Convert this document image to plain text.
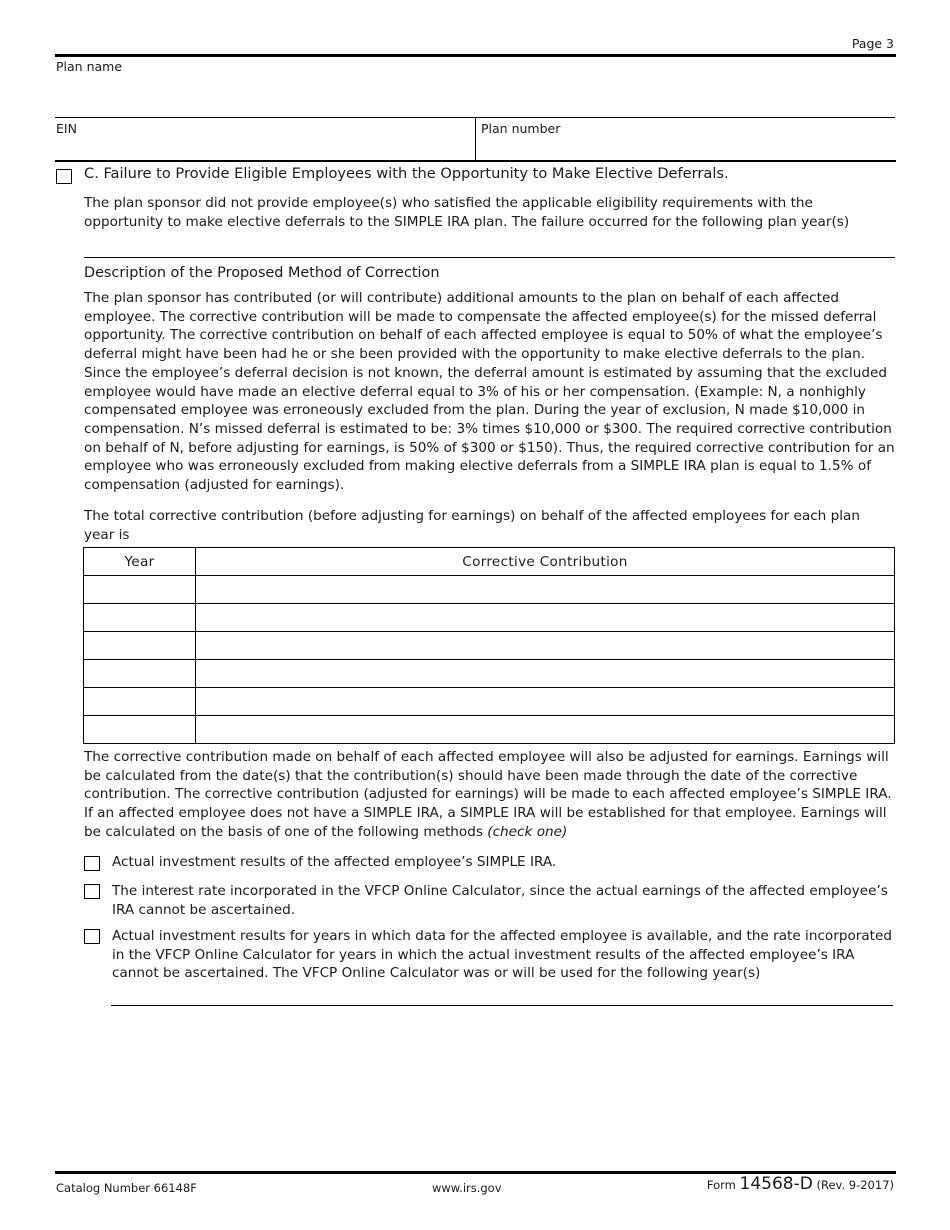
Page 3
Plan name
EIN	Plan number
C. Failure to Provide Eligible Employees with the Opportunity to Make Elective Deferrals.
The plan sponsor did not provide employee(s) who satisfied the applicable eligibility requirements with the opportunity to make elective deferrals to the SIMPLE IRA plan. The failure occurred for the following plan year(s)
Description of the Proposed Method of Correction
The plan sponsor has contributed (or will contribute) additional amounts to the plan on behalf of each affected employee. The corrective contribution will be made to compensate the affected employee(s) for the missed deferral opportunity. The corrective contribution on behalf of each affected employee is equal to 50% of what the employee’s deferral might have been had he or she been provided with the opportunity to make elective deferrals to the plan. Since the employee’s deferral decision is not known, the deferral amount is estimated by assuming that the excluded employee would have made an elective deferral equal to 3% of his or her compensation. (Example: N, a nonhighly compensated employee was erroneously excluded from the plan. During the year of exclusion, N made $10,000 in compensation. N’s missed deferral is estimated to be: 3% times $10,000 or $300. The required corrective contribution on behalf of N, before adjusting for earnings, is 50% of $300 or $150). Thus, the required corrective contribution for an employee who was erroneously excluded from making elective deferrals from a SIMPLE IRA plan is equal to 1.5% of compensation (adjusted for earnings).
The total corrective contribution (before adjusting for earnings) on behalf of the affected employees for each plan year is
Year	Corrective Contribution

The corrective contribution made on behalf of each affected employee will also be adjusted for earnings. Earnings will be calculated from the date(s) that the contribution(s) should have been made through the date of the corrective contribution. The corrective contribution (adjusted for earnings) will be made to each affected employee’s SIMPLE IRA. If an affected employee does not have a SIMPLE IRA, a SIMPLE IRA will be established for that employee. Earnings will be calculated on the basis of one of the following methods (check one)
Actual investment results of the affected employee’s SIMPLE IRA.
The interest rate incorporated in the VFCP Online Calculator, since the actual earnings of the affected employee’s IRA cannot be ascertained.
Actual investment results for years in which data for the affected employee is available, and the rate incorporated in the VFCP Online Calculator for years in which the actual investment results of the affected employee’s IRA cannot be ascertained. The VFCP Online Calculator was or will be used for the following year(s)
Catalog Number 66148F	www.irs.gov	Form 14568-D (Rev. 9-2017)
